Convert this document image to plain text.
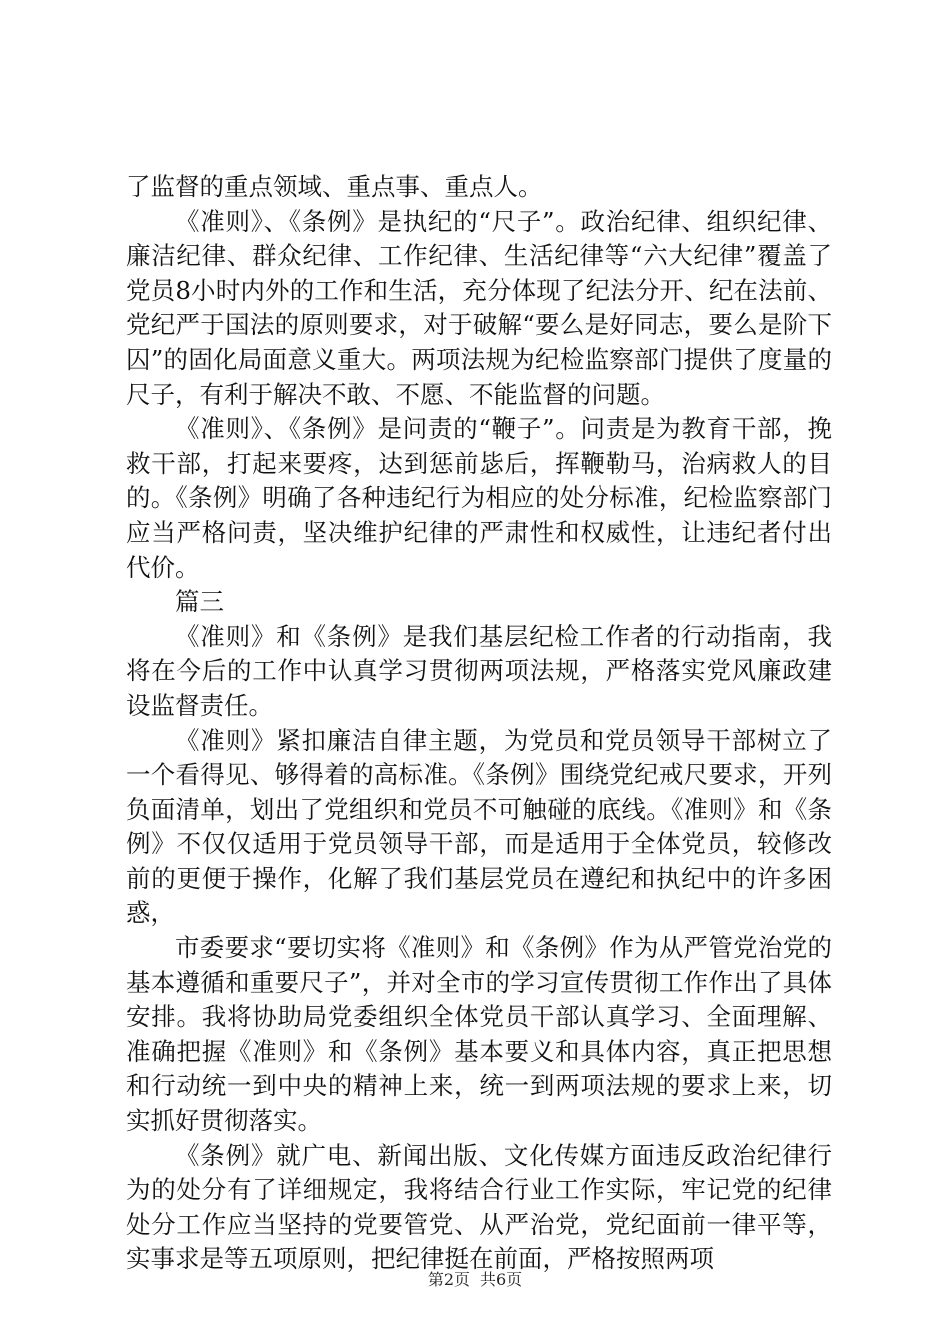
了监督的重点领域、重点事、重点人。

《准则》、《条例》是执纪的“尺子”。政治纪律、组织纪律、廉洁纪律、群众纪律、工作纪律、生活纪律等“六大纪律”覆盖了党员8小时内外的工作和生活，充分体现了纪法分开、纪在法前、党纪严于国法的原则要求，对于破解“要么是好同志，要么是阶下囚”的固化局面意义重大。两项法规为纪检监察部门提供了度量的尺子，有利于解决不敢、不愿、不能监督的问题。

《准则》、《条例》是问责的“鞭子”。问责是为教育干部，挽救干部，打起来要疼，达到惩前毖后，挥鞭勒马，治病救人的目的。《条例》明确了各种违纪行为相应的处分标准，纪检监察部门应当严格问责，坚决维护纪律的严肃性和权威性，让违纪者付出代价。

篇三

《准则》和《条例》是我们基层纪检工作者的行动指南，我将在今后的工作中认真学习贯彻两项法规，严格落实党风廉政建设监督责任。

《准则》紧扣廉洁自律主题，为党员和党员领导干部树立了一个看得见、够得着的高标准。《条例》围绕党纪戒尺要求，开列负面清单，划出了党组织和党员不可触碰的底线。《准则》和《条例》不仅仅适用于党员领导干部，而是适用于全体党员，较修改前的更便于操作，化解了我们基层党员在遵纪和执纪中的许多困惑，

市委要求“要切实将《准则》和《条例》作为从严管党治党的基本遵循和重要尺子”，并对全市的学习宣传贯彻工作作出了具体安排。我将协助局党委组织全体党员干部认真学习、全面理解、准确把握《准则》和《条例》基本要义和具体内容，真正把思想和行动统一到中央的精神上来，统一到两项法规的要求上来，切实抓好贯彻落实。

《条例》就广电、新闻出版、文化传媒方面违反政治纪律行为的处分有了详细规定，我将结合行业工作实际，牢记党的纪律处分工作应当坚持的党要管党、从严治党，党纪面前一律平等，实事求是等五项原则，把纪律挺在前面，严格按照两项

第2页 共6页
